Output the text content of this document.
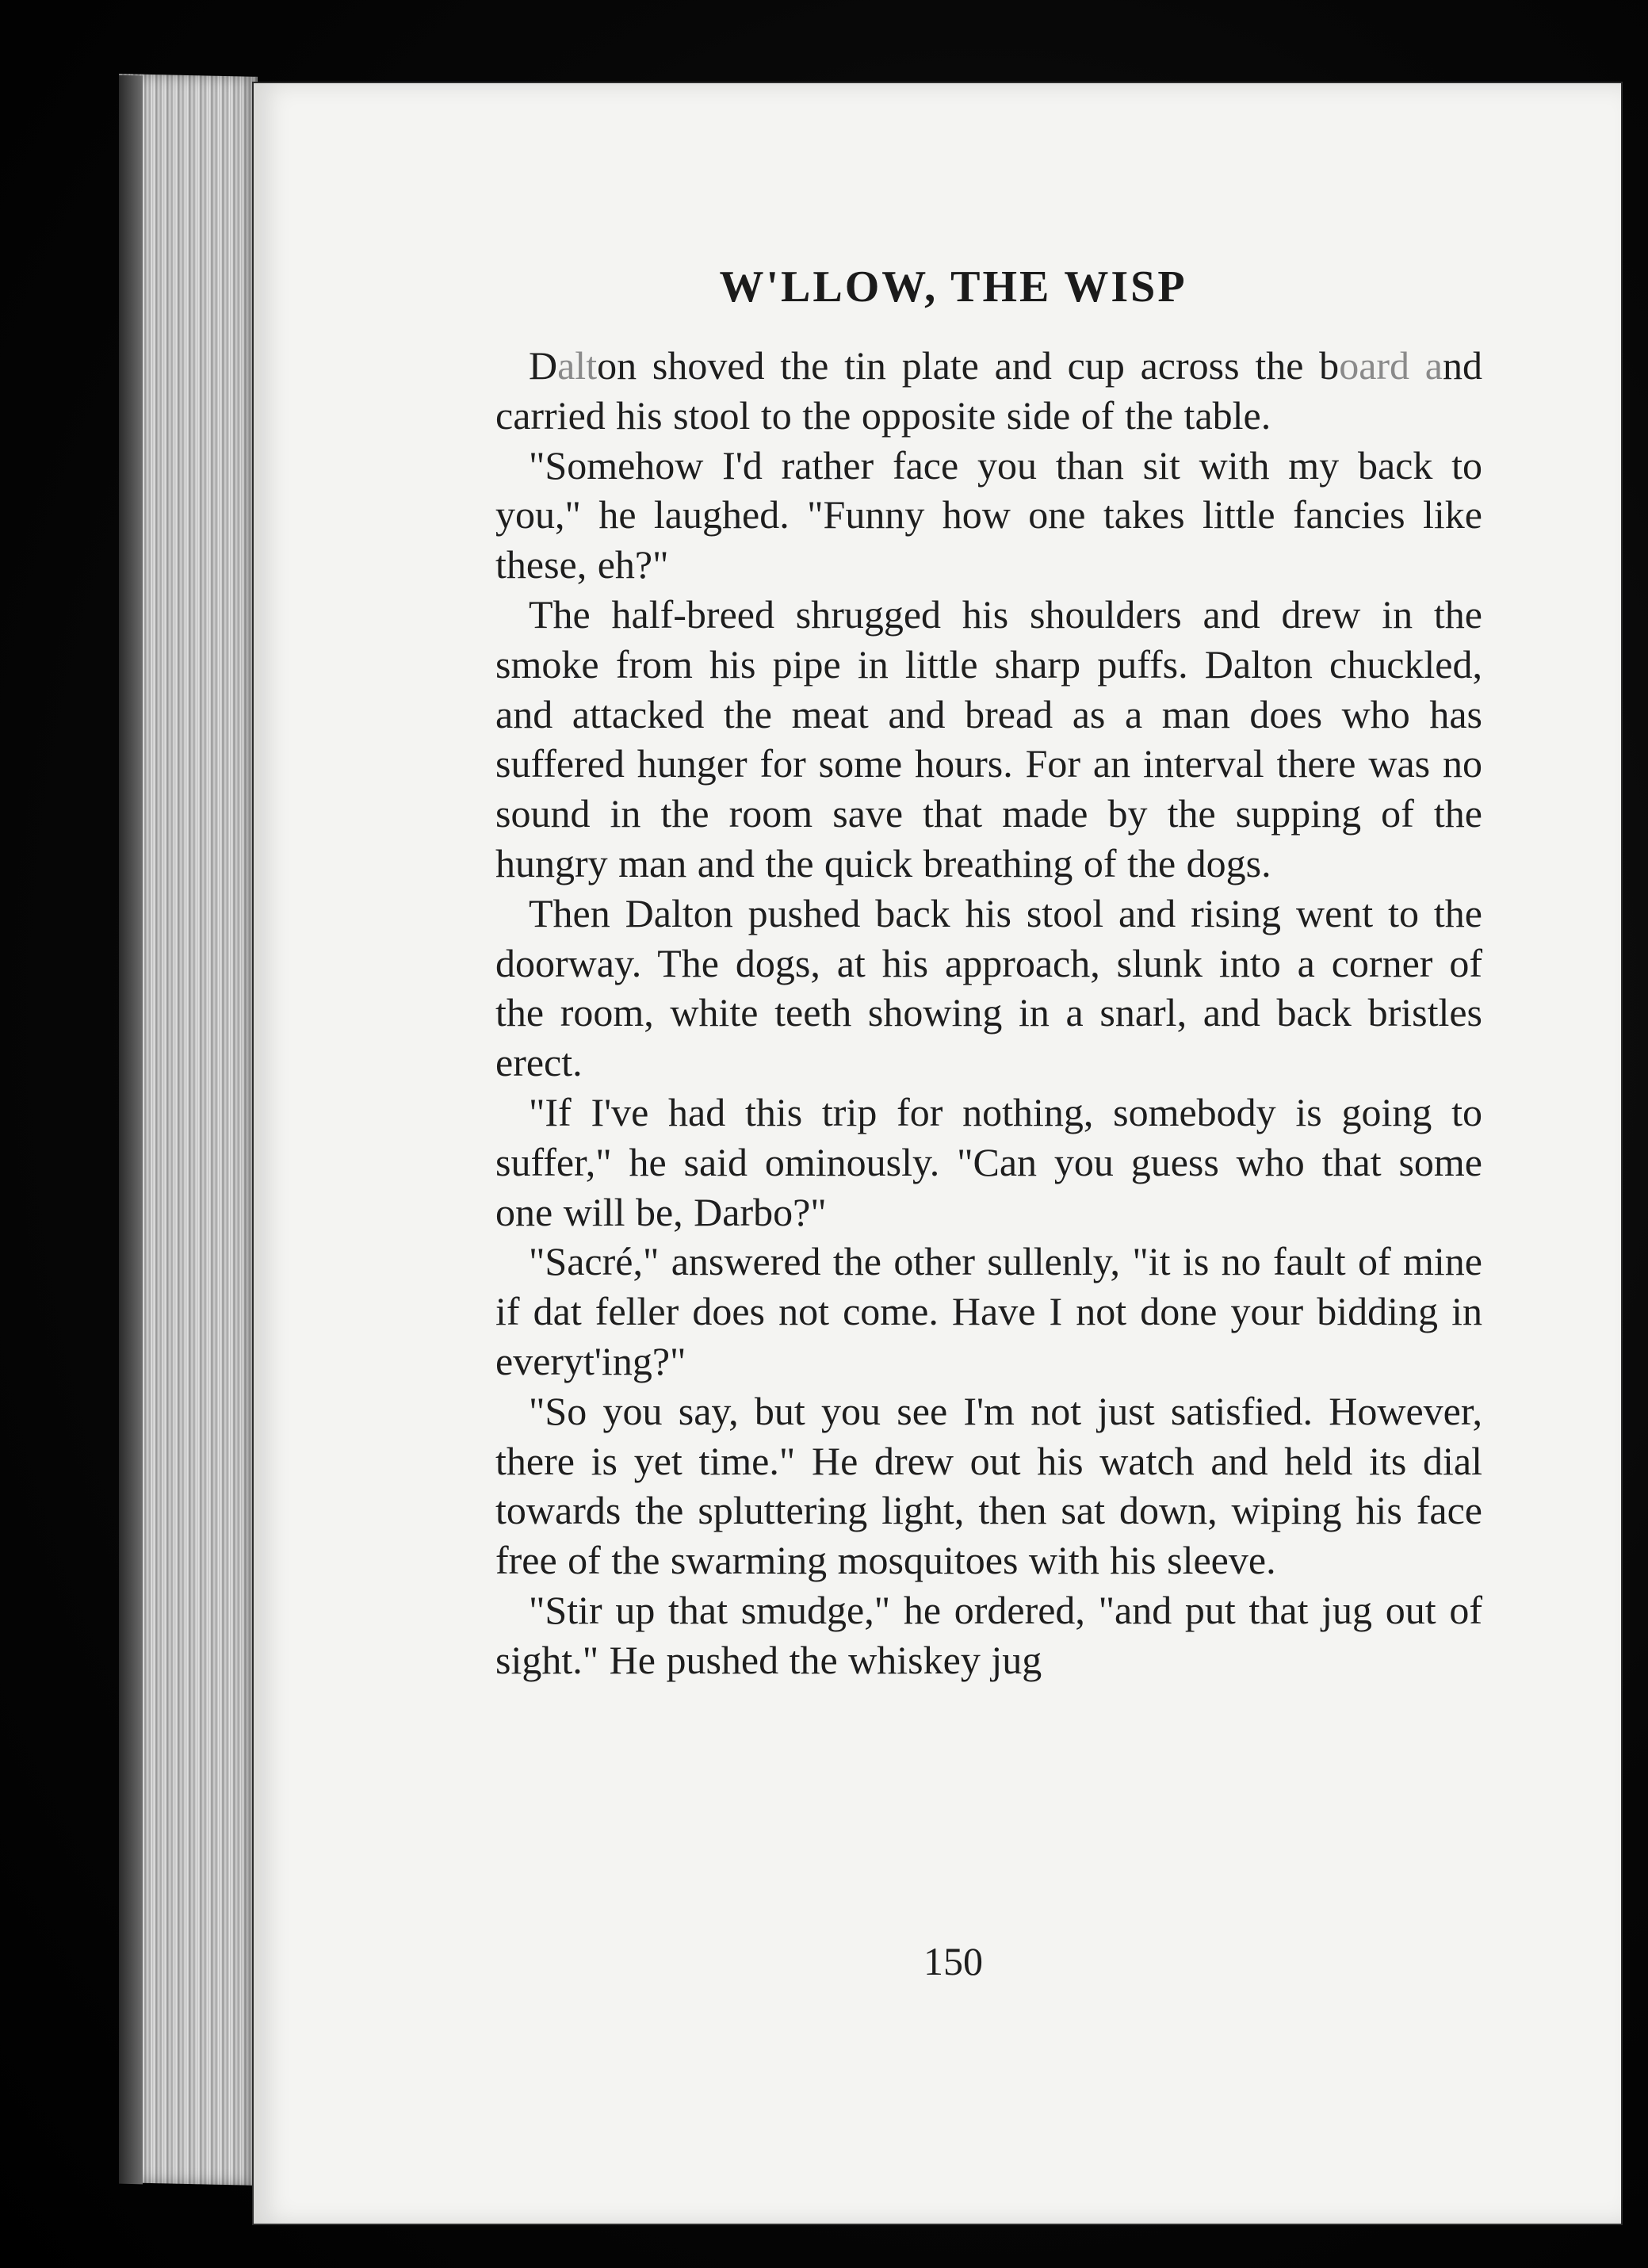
W'LLOW, THE WISP

Dalton shoved the tin plate and cup across the board and carried his stool to the opposite side of the table.

"Somehow I'd rather face you than sit with my back to you," he laughed. "Funny how one takes little fancies like these, eh?"

The half-breed shrugged his shoulders and drew in the smoke from his pipe in little sharp puffs. Dalton chuckled, and attacked the meat and bread as a man does who has suffered hunger for some hours. For an interval there was no sound in the room save that made by the supping of the hungry man and the quick breathing of the dogs.

Then Dalton pushed back his stool and rising went to the doorway. The dogs, at his approach, slunk into a corner of the room, white teeth showing in a snarl, and back bristles erect.

"If I've had this trip for nothing, somebody is going to suffer," he said ominously. "Can you guess who that some one will be, Darbo?"

"Sacré," answered the other sullenly, "it is no fault of mine if dat feller does not come. Have I not done your bidding in everyt'ing?"

"So you say, but you see I'm not just satisfied. However, there is yet time." He drew out his watch and held its dial towards the spluttering light, then sat down, wiping his face free of the swarming mosquitoes with his sleeve.

"Stir up that smudge," he ordered, "and put that jug out of sight." He pushed the whiskey jug

150
